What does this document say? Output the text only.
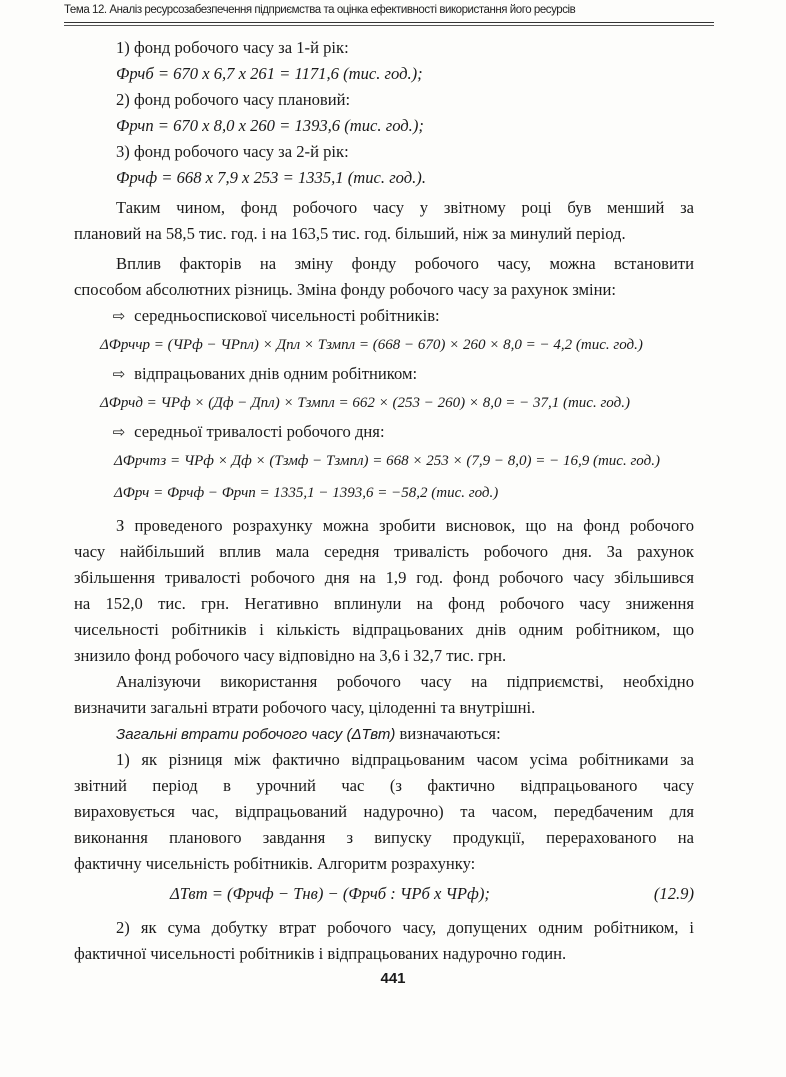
Тема 12. Аналіз ресурсозабезпечення підприємства та оцінка ефективності використання його ресурсів
1) фонд робочого часу за 1-й рік:
Фрчб = 670 х 6,7 х 261 = 1171,6 (тис. год.);
2) фонд робочого часу плановий:
Фрчп = 670 х 8,0 х 260 = 1393,6 (тис. год.);
3) фонд робочого часу за 2-й рік:
Фрчф = 668 х 7,9 х 253 = 1335,1 (тис. год.).
Таким чином, фонд робочого часу у звітному році був менший за
плановий на 58,5 тис. год. і на 163,5 тис. год. більший, ніж за минулий період.
Вплив факторів на зміну фонду робочого часу, можна встановити
способом абсолютних різниць. Зміна фонду робочого часу за рахунок зміни:
⇨ середньоспискової чисельності робітників:
ΔФрччр = (ЧРф − ЧРпл) × Дпл × Тзмпл = (668 − 670) × 260 × 8,0 = − 4,2 (тис. год.)
⇨ відпрацьованих днів одним робітником:
ΔФрчд = ЧРф × (Дф − Дпл) × Тзмпл = 662 × (253 − 260) × 8,0 = − 37,1 (тис. год.)
⇨ середньої тривалості робочого дня:
ΔФрчтз = ЧРф × Дф × (Тзмф − Тзмпл) = 668 × 253 × (7,9 − 8,0) = − 16,9 (тис. год.)
ΔФрч = Фрчф − Фрчп = 1335,1 − 1393,6 = −58,2 (тис. год.)
З проведеного розрахунку можна зробити висновок, що на фонд робочого
часу найбільший вплив мала середня тривалість робочого дня. За рахунок
збільшення тривалості робочого дня на 1,9 год. фонд робочого часу збільшився
на 152,0 тис. грн. Негативно вплинули на фонд робочого часу зниження
чисельності робітників і кількість відпрацьованих днів одним робітником, що
знизило фонд робочого часу відповідно на 3,6 і 32,7 тис. грн.
Аналізуючи використання робочого часу на підприємстві, необхідно
визначити загальні втрати робочого часу, цілоденні та внутрішні.
Загальні втрати робочого часу (ΔТвт) визначаються:
1) як різниця між фактично відпрацьованим часом усіма робітниками за
звітний період в урочний час (з фактично відпрацьованого часу
вираховується час, відпрацьований надурочно) та часом, передбаченим для
виконання планового завдання з випуску продукції, перерахованого на
фактичну чисельність робітників. Алгоритм розрахунку:
ΔТвт = (Фрчф − Тнв) − (Фрчб : ЧРб х ЧРф);	(12.9)
2) як сума добутку втрат робочого часу, допущених одним робітником, і
фактичної чисельності робітників і відпрацьованих надурочно годин.
441
